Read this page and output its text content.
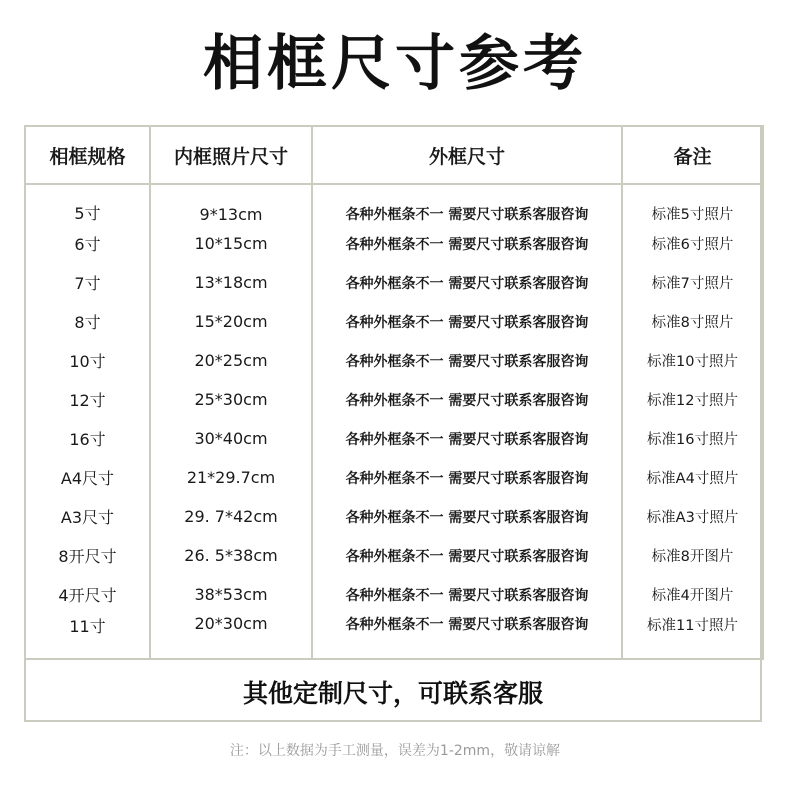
相框尺寸参考
相框规格	内框照片尺寸	外框尺寸	备注
5寸	9*13cm	各种外框条不一 需要尺寸联系客服咨询	标准5寸照片
6寸	10*15cm	各种外框条不一 需要尺寸联系客服咨询	标准6寸照片
7寸	13*18cm	各种外框条不一 需要尺寸联系客服咨询	标准7寸照片
8寸	15*20cm	各种外框条不一 需要尺寸联系客服咨询	标准8寸照片
10寸	20*25cm	各种外框条不一 需要尺寸联系客服咨询	标准10寸照片
12寸	25*30cm	各种外框条不一 需要尺寸联系客服咨询	标准12寸照片
16寸	30*40cm	各种外框条不一 需要尺寸联系客服咨询	标准16寸照片
A4尺寸	21*29.7cm	各种外框条不一 需要尺寸联系客服咨询	标准A4寸照片
A3尺寸	29. 7*42cm	各种外框条不一 需要尺寸联系客服咨询	标准A3寸照片
8开尺寸	26. 5*38cm	各种外框条不一 需要尺寸联系客服咨询	标准8开图片
4开尺寸	38*53cm	各种外框条不一 需要尺寸联系客服咨询	标准4开图片
11寸	20*30cm	各种外框条不一 需要尺寸联系客服咨询	标准11寸照片
其他定制尺寸，可联系客服
注：以上数据为手工测量，误差为1-2mm，敬请谅解
